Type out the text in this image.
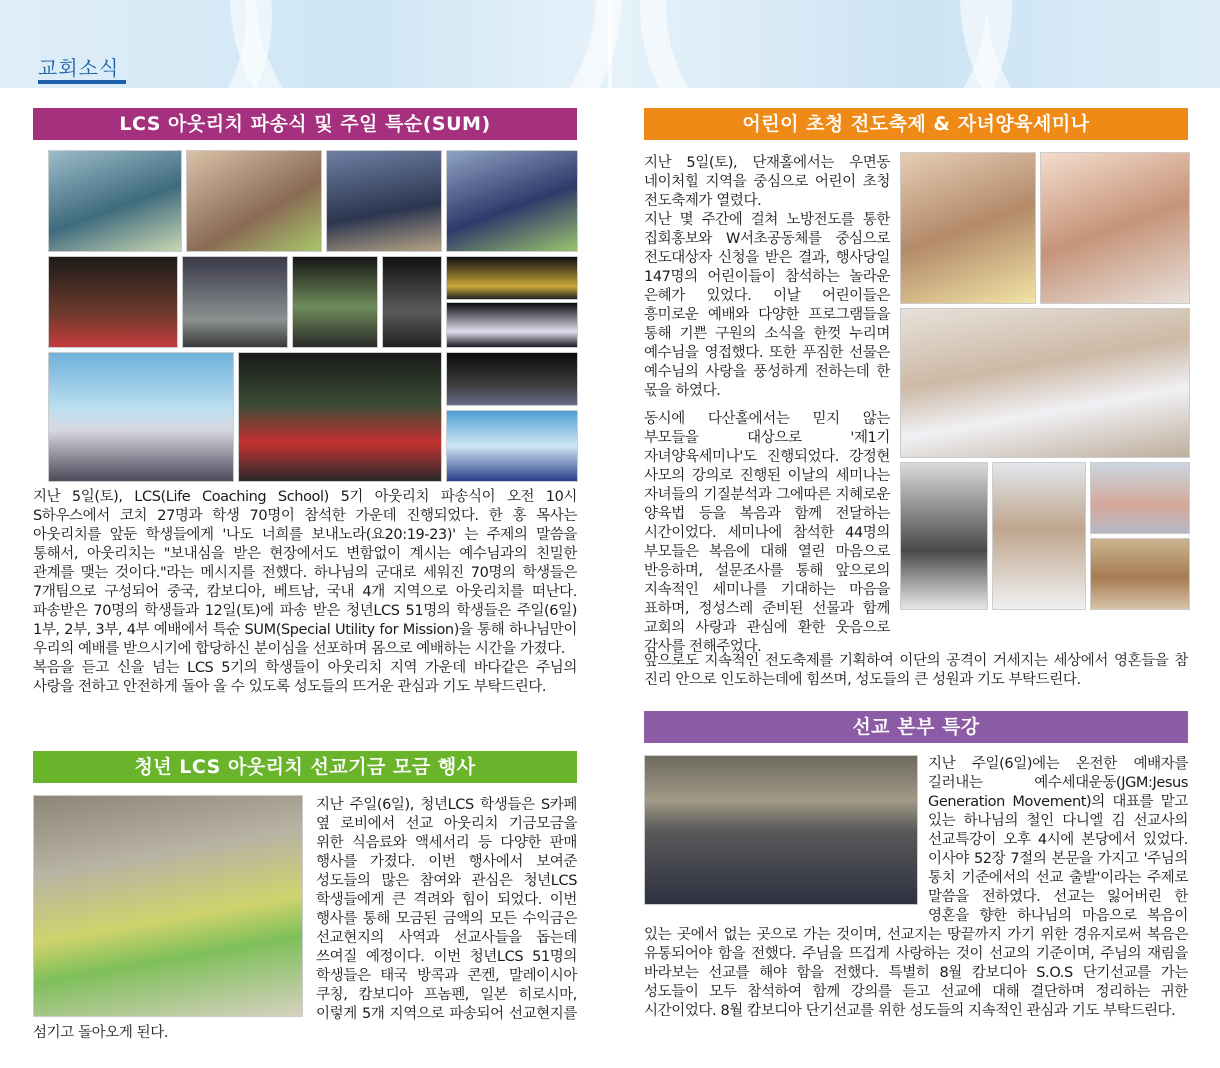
교회소식
LCS 아웃리치 파송식 및 주일 특순(SUM)

지난 5일(토), LCS(Life Coaching School) 5기 아웃리치 파송식이 오전 10시 S하우스에서 코치 27명과 학생 70명이 참석한 가운데 진행되었다. 한 홍 목사는 아웃리치를 앞둔 학생들에게 '나도 너희를 보내노라(요20:19-23)' 는 주제의 말씀을 통해서, 아웃리치는 "보내심을 받은 현장에서도 변함없이 계시는 예수님과의 친밀한 관계를 맺는 것이다."라는 메시지를 전했다. 하나님의 군대로 세워진 70명의 학생들은 7개팀으로 구성되어 중국, 캄보디아, 베트남, 국내 4개 지역으로 아웃리치를 떠난다. 파송받은 70명의 학생들과 12일(토)에 파송 받은 청년LCS 51명의 학생들은 주일(6일) 1부, 2부, 3부, 4부 예배에서 특순 SUM(Special Utility for Mission)을 통해 하나님만이 우리의 예배를 받으시기에 합당하신 분이심을 선포하며 몸으로 예배하는 시간을 가졌다.

복음을 듣고 신을 넘는 LCS 5기의 학생들이 아웃리치 지역 가운데 바다같은 주님의 사랑을 전하고 안전하게 돌아 올 수 있도록 성도들의 뜨거운 관심과 기도 부탁드린다.

청년 LCS 아웃리치 선교기금 모금 행사

지난 주일(6일), 청년LCS 학생들은 S카페 옆 로비에서 선교 아웃리치 기금모금을 위한 식음료와 액세서리 등 다양한 판매 행사를 가졌다. 이번 행사에서 보여준 성도들의 많은 참여와 관심은 청년LCS 학생들에게 큰 격려와 힘이 되었다. 이번 행사를 통해 모금된 금액의 모든 수익금은 선교현지의 사역과 선교사들을 돕는데 쓰여질 예정이다. 이번 청년LCS 51명의 학생들은 태국 방콕과 콘켄, 말레이시아 쿠칭, 캄보디아 프놈펜, 일본 히로시마, 이렇게 5개 지역으로 파송되어 선교현지를 섬기고 돌아오게 된다.

어린이 초청 전도축제 & 자녀양육세미나

지난 5일(토), 단재홀에서는 우면동 네이처힐 지역을 중심으로 어린이 초청 전도축제가 열렸다.

지난 몇 주간에 걸쳐 노방전도를 통한 집회홍보와 W서초공동체를 중심으로 전도대상자 신청을 받은 결과, 행사당일 147명의 어린이들이 참석하는 놀라운 은혜가 있었다. 이날 어린이들은 흥미로운 예배와 다양한 프로그램들을 통해 기쁜 구원의 소식을 한껏 누리며 예수님을 영접했다. 또한 푸짐한 선물은 예수님의 사랑을 풍성하게 전하는데 한 몫을 하였다.

동시에 다산홀에서는 믿지 않는 부모들을 대상으로 '제1기 자녀양육세미나'도 진행되었다. 강정현 사모의 강의로 진행된 이날의 세미나는 자녀들의 기질분석과 그에따른 지혜로운 양육법 등을 복음과 함께 전달하는 시간이었다. 세미나에 참석한 44명의 부모들은 복음에 대해 열린 마음으로 반응하며, 설문조사를 통해 앞으로의 지속적인 세미나를 기대하는 마음을 표하며, 정성스레 준비된 선물과 함께 교회의 사랑과 관심에 환한 웃음으로 감사를 전해주었다.

앞으로도 지속적인 전도축제를 기획하여 이단의 공격이 거세지는 세상에서 영혼들을 참 진리 안으로 인도하는데에 힘쓰며, 성도들의 큰 성원과 기도 부탁드린다.

선교 본부 특강

지난 주일(6일)에는 온전한 예배자를 길러내는 예수세대운동(JGM:Jesus Generation Movement)의 대표를 맡고 있는 하나님의 철인 다니엘 김 선교사의 선교특강이 오후 4시에 본당에서 있었다. 이사야 52장 7절의 본문을 가지고 '주님의 통치 기준에서의 선교 출발'이라는 주제로 말씀을 전하였다. 선교는 잃어버린 한 영혼을 향한 하나님의 마음으로 복음이 있는 곳에서 없는 곳으로 가는 것이며, 선교지는 땅끝까지 가기 위한 경유지로써 복음은 유통되어야 함을 전했다. 주님을 뜨겁게 사랑하는 것이 선교의 기준이며, 주님의 재림을 바라보는 선교를 해야 함을 전했다. 특별히 8월 캄보디아 S.O.S 단기선교를 가는 성도들이 모두 참석하여 함께 강의를 듣고 선교에 대해 결단하며 정리하는 귀한 시간이었다. 8월 캄보디아 단기선교를 위한 성도들의 지속적인 관심과 기도 부탁드린다.
